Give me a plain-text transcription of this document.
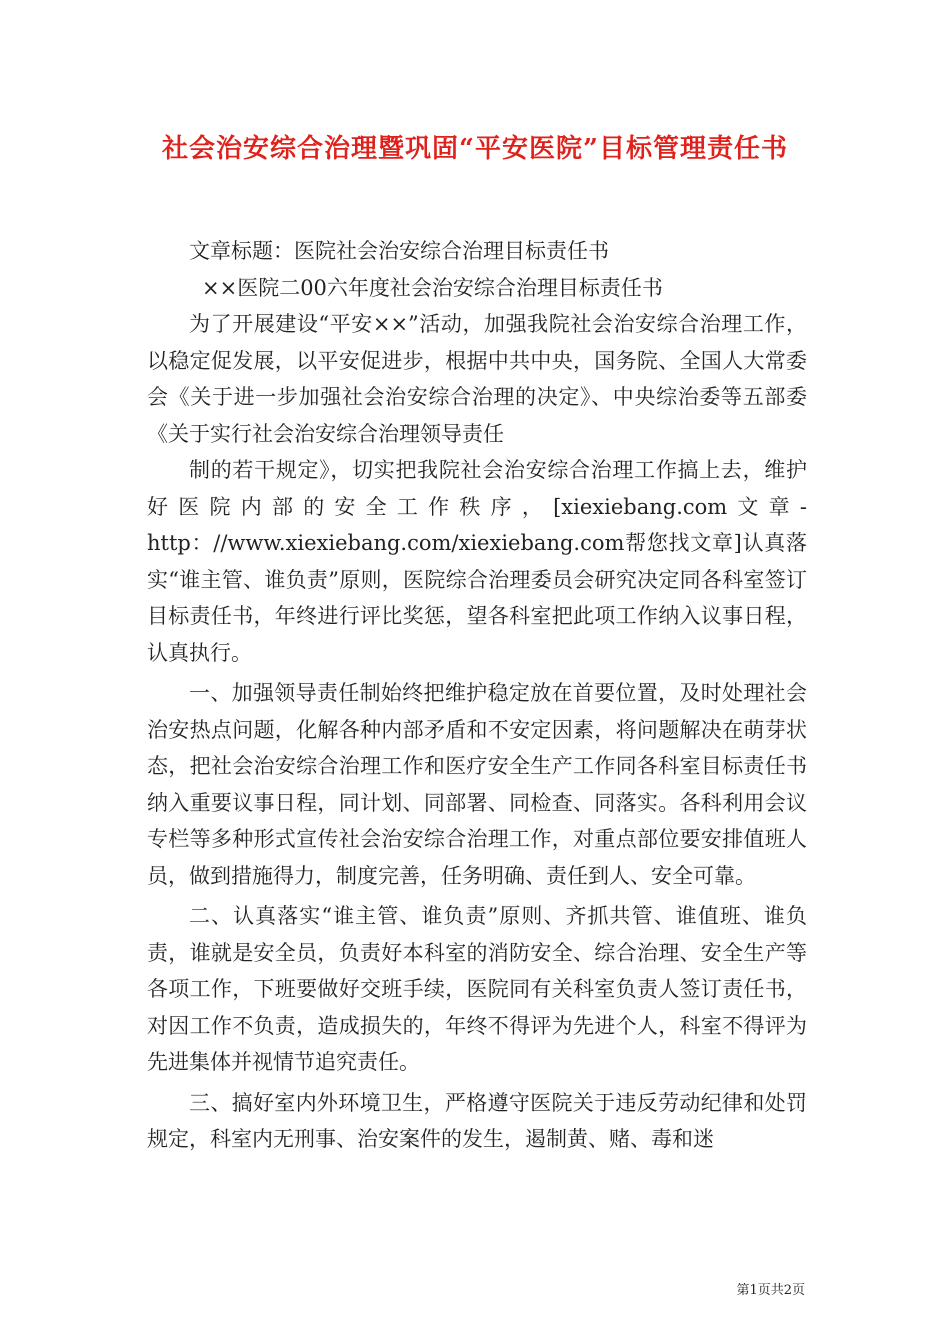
社会治安综合治理暨巩固“平安医院”目标管理责任书

文章标题：医院社会治安综合治理目标责任书

××医院二00六年度社会治安综合治理目标责任书

为了开展建设“平安××”活动，加强我院社会治安综合治理工作，以稳定促发展，以平安促进步，根据中共中央，国务院、全国人大常委会《关于进一步加强社会治安综合治理的决定》、中央综治委等五部委《关于实行社会治安综合治理领导责任

制的若干规定》，切实把我院社会治安综合治理工作搞上去，维护好医院内部的安全工作秩序，[xiexiebang.com文章-http：//www.xiexiebang.com/xiexiebang.com帮您找文章]认真落实“谁主管、谁负责”原则，医院综合治理委员会研究决定同各科室签订目标责任书，年终进行评比奖惩，望各科室把此项工作纳入议事日程，认真执行。

一、加强领导责任制始终把维护稳定放在首要位置，及时处理社会治安热点问题，化解各种内部矛盾和不安定因素，将问题解决在萌芽状态，把社会治安综合治理工作和医疗安全生产工作同各科室目标责任书纳入重要议事日程，同计划、同部署、同检查、同落实。各科利用会议专栏等多种形式宣传社会治安综合治理工作，对重点部位要安排值班人员，做到措施得力，制度完善，任务明确、责任到人、安全可靠。

二、认真落实“谁主管、谁负责”原则、齐抓共管、谁值班、谁负责，谁就是安全员，负责好本科室的消防安全、综合治理、安全生产等各项工作，下班要做好交班手续，医院同有关科室负责人签订责任书，对因工作不负责，造成损失的，年终不得评为先进个人，科室不得评为先进集体并视情节追究责任。

三、搞好室内外环境卫生，严格遵守医院关于违反劳动纪律和处罚规定，科室内无刑事、治安案件的发生，遏制黄、赌、毒和迷

第1页共2页
